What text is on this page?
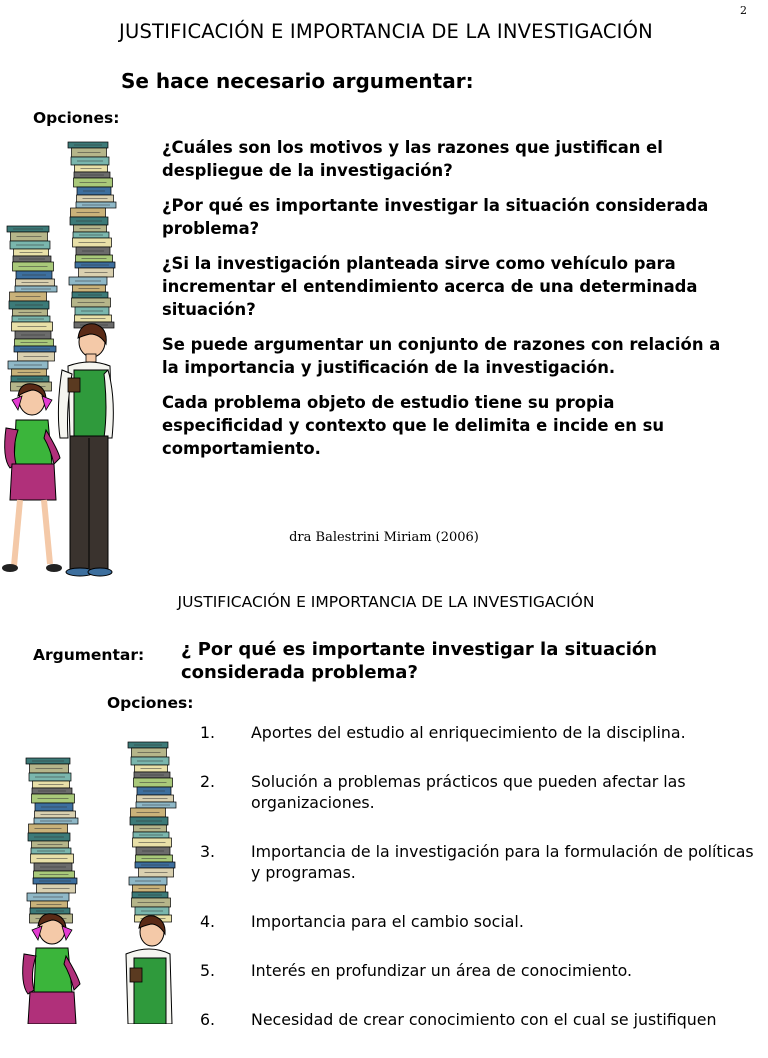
2
JUSTIFICACIÓN E IMPORTANCIA DE LA INVESTIGACIÓN
Se hace necesario argumentar:
Opciones:

¿Cuáles son los motivos y las razones que justifican el despliegue de la investigación?

¿Por qué es importante investigar la situación considerada problema?

¿Si la investigación planteada sirve como vehículo para incrementar el entendimiento acerca de una determinada situación?

Se puede argumentar un conjunto de razones con relación a la importancia y justificación de la investigación.

Cada problema objeto de estudio tiene su propia especificidad y contexto que le delimita e incide en su comportamiento.

dra Balestrini Miriam (2006)
JUSTIFICACIÓN E IMPORTANCIA DE LA INVESTIGACIÓN
Argumentar: ¿ Por qué es importante investigar la situación considerada problema?
Opciones:
1.	Aportes del estudio al enriquecimiento de la disciplina.
2.	Solución a problemas prácticos que pueden afectar las organizaciones.
3.	Importancia de la investigación para la formulación de políticas y programas.
4.	Importancia para el cambio social.
5.	Interés en profundizar un área de conocimiento.
6.	Necesidad de crear conocimiento con el cual se justifiquen
